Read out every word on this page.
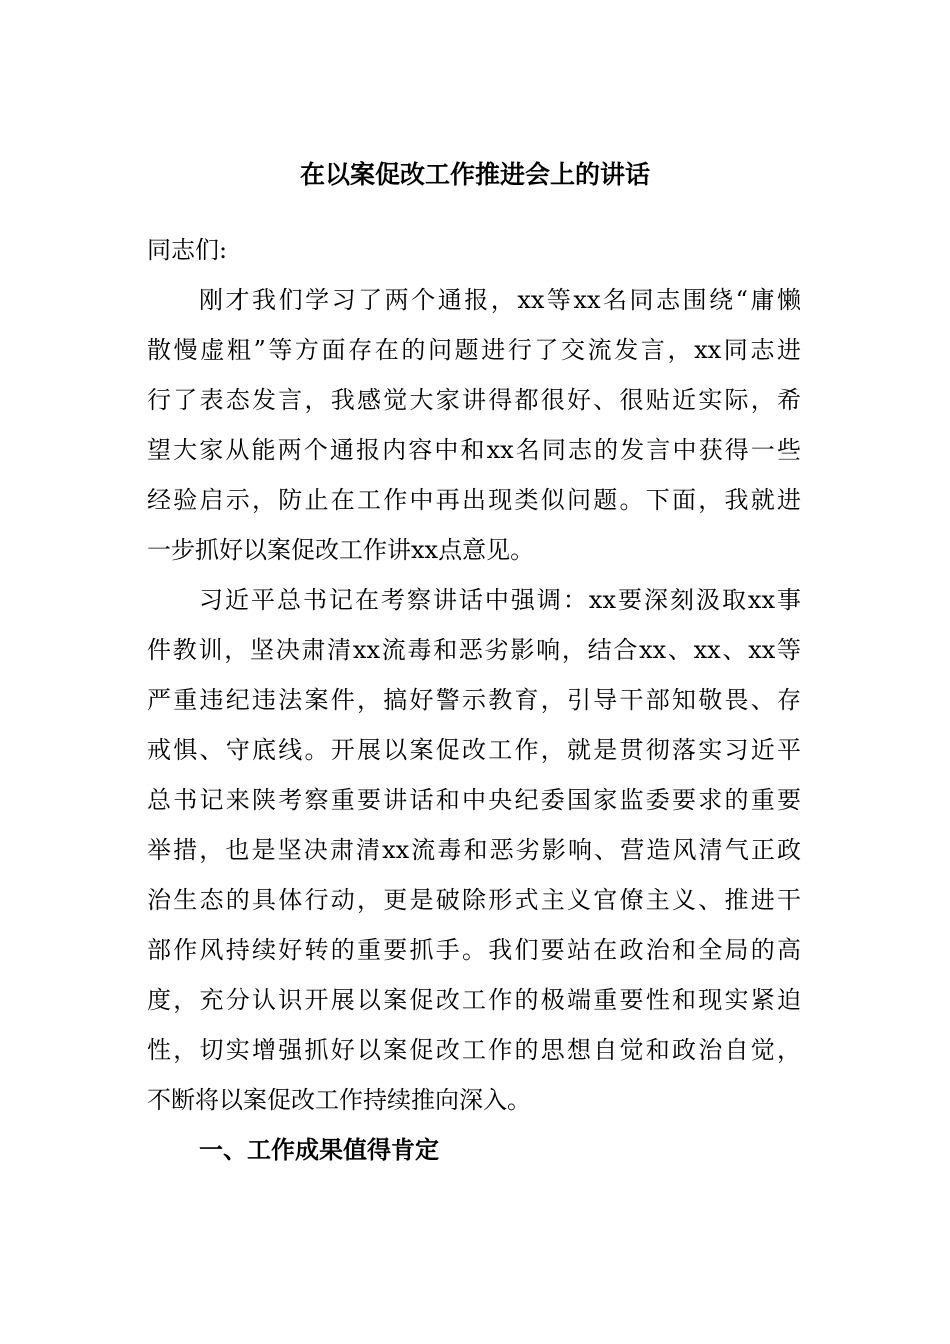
在以案促改工作推进会上的讲话
同志们:
刚才我们学习了两个通报，xx等xx名同志围绕“庸懒
散慢虚粗”等方面存在的问题进行了交流发言，xx同志进
行了表态发言，我感觉大家讲得都很好、很贴近实际，希
望大家从能两个通报内容中和xx名同志的发言中获得一些
经验启示，防止在工作中再出现类似问题。下面，我就进
一步抓好以案促改工作讲xx点意见。
习近平总书记在考察讲话中强调：xx要深刻汲取xx事
件教训，坚决肃清xx流毒和恶劣影响，结合xx、xx、xx等
严重违纪违法案件，搞好警示教育，引导干部知敬畏、存
戒惧、守底线。开展以案促改工作，就是贯彻落实习近平
总书记来陕考察重要讲话和中央纪委国家监委要求的重要
举措，也是坚决肃清xx流毒和恶劣影响、营造风清气正政
治生态的具体行动，更是破除形式主义官僚主义、推进干
部作风持续好转的重要抓手。我们要站在政治和全局的高
度，充分认识开展以案促改工作的极端重要性和现实紧迫
性，切实增强抓好以案促改工作的思想自觉和政治自觉，
不断将以案促改工作持续推向深入。
一、工作成果值得肯定
